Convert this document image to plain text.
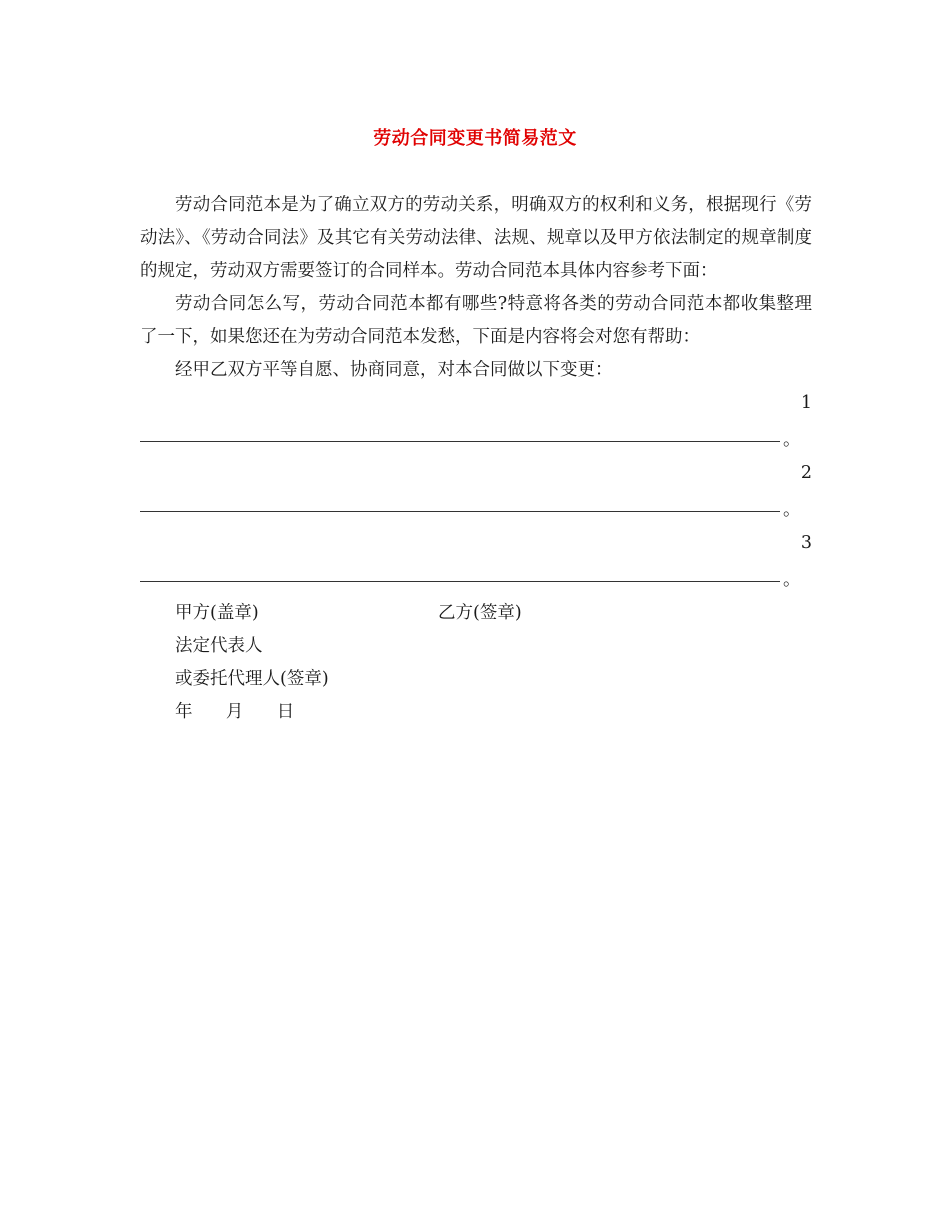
劳动合同变更书简易范文

劳动合同范本是为了确立双方的劳动关系，明确双方的权利和义务，根据现行《劳动法》、《劳动合同法》及其它有关劳动法律、法规、规章以及甲方依法制定的规章制度的规定，劳动双方需要签订的合同样本。劳动合同范本具体内容参考下面：

劳动合同怎么写，劳动合同范本都有哪些?特意将各类的劳动合同范本都收集整理了一下，如果您还在为劳动合同范本发愁，下面是内容将会对您有帮助：

经甲乙双方平等自愿、协商同意，对本合同做以下变更：

1
。
2
。
3
。
甲方(盖章)	乙方(签章)
法定代表人
或委托代理人(签章)
年 月 日
